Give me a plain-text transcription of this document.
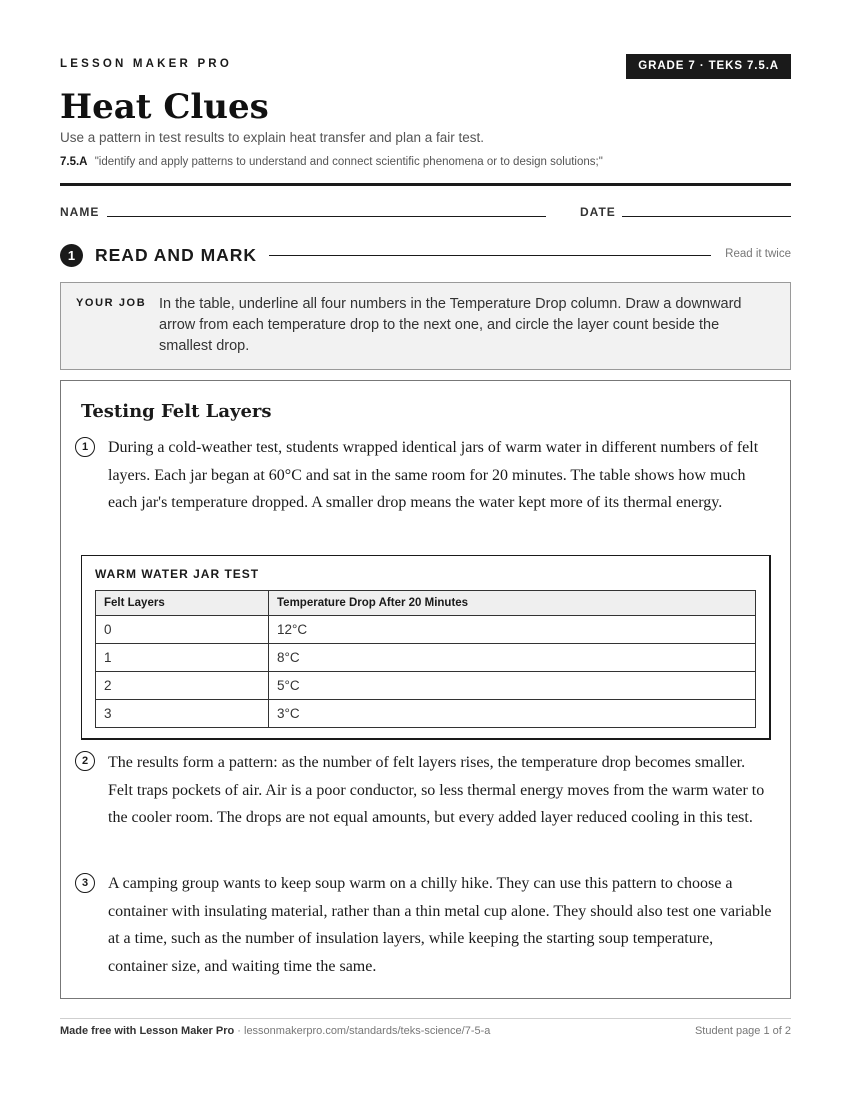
LESSON MAKER PRO	GRADE 7 · TEKS 7.5.A
Heat Clues
Use a pattern in test results to explain heat transfer and plan a fair test.
7.5.A "identify and apply patterns to understand and connect scientific phenomena or to design solutions;"
NAME	DATE
1	READ AND MARK	Read it twice
YOUR JOB In the table, underline all four numbers in the Temperature Drop column. Draw a downward arrow from each temperature drop to the next one, and circle the layer count beside the smallest drop.
Testing Felt Layers
1	During a cold-weather test, students wrapped identical jars of warm water in different numbers of felt layers. Each jar began at 60°C and sat in the same room for 20 minutes. The table shows how much each jar's temperature dropped. A smaller drop means the water kept more of its thermal energy.

WARM WATER JAR TEST
Felt Layers	Temperature Drop After 20 Minutes
0	12°C
1	8°C
2	5°C
3	3°C
2	The results form a pattern: as the number of felt layers rises, the temperature drop becomes smaller. Felt traps pockets of air. Air is a poor conductor, so less thermal energy moves from the warm water to the cooler room. The drops are not equal amounts, but every added layer reduced cooling in this test.

3	A camping group wants to keep soup warm on a chilly hike. They can use this pattern to choose a container with insulating material, rather than a thin metal cup alone. They should also test one variable at a time, such as the number of insulation layers, while keeping the starting soup temperature, container size, and waiting time the same.

Made free with Lesson Maker Pro · lessonmakerpro.com/standards/teks-science/7-5-a	Student page 1 of 2
